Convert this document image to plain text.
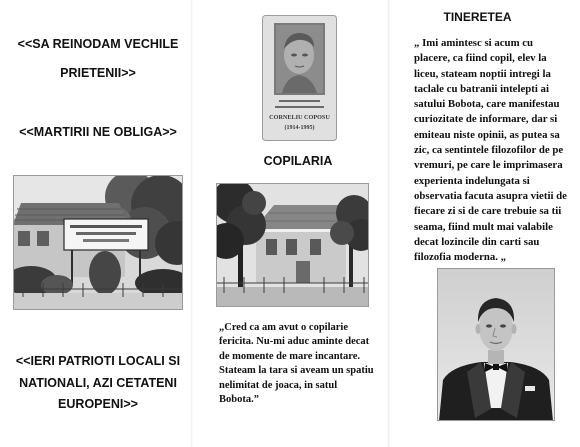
<<SA REINODAM VECHILE
PRIETENII>>
<<MARTIRII NE OBLIGA>>
<<IERI PATRIOTI LOCALI SI
NATIONALI, AZI CETATENI
EUROPENI>>
CORNELIU COPOSU
(1914-1995)
COPILARIA
„Cred ca am avut o copilarie
fericita. Nu-mi aduc aminte decat
de momente de mare incantare.
Stateam la tara si aveam un spatiu
nelimitat de joaca, in satul
Bobota.”
TINERETEA
„ Imi amintesc si acum cu
placere, ca fiind copil, elev la
liceu, stateam noptii intregi la
taclale cu batranii intelepti ai
satului Bobota, care manifestau
curiozitate de informare, dar si
emiteau niste opinii, as putea sa
zic, ca sentintele filozofilor de pe
vremuri, pe care le imprimasera
experienta indelungata si
observatia facuta asupra vietii de
fiecare zi si de care trebuie sa tii
seama, fiind mult mai valabile
decat lozincile din carti sau
filozofia moderna. „
